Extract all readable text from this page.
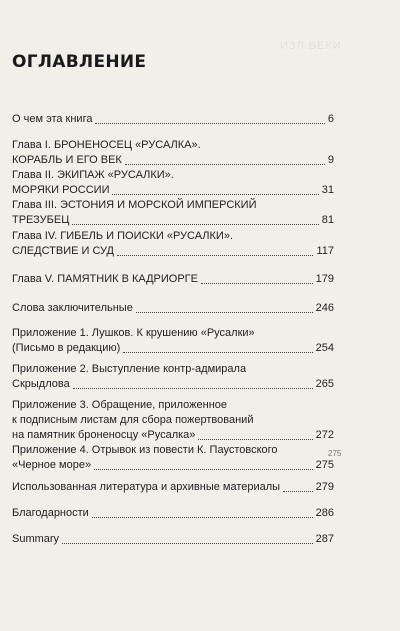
ИЗЛ ВЕКИ
ОГЛАВЛЕНИЕ
О чем эта книга	6
Глава I. БРОНЕНОСЕЦ «РУСАЛКА».
КОРАБЛЬ И ЕГО ВЕК	9
Глава II. ЭКИПАЖ «РУСАЛКИ».
МОРЯКИ РОССИИ	31
Глава III. ЭСТОНИЯ И МОРСКОЙ ИМПЕРСКИЙ
ТРЕЗУБЕЦ	81
Глава IV. ГИБЕЛЬ И ПОИСКИ «РУСАЛКИ».
СЛЕДСТВИЕ И СУД	117
Глава V. ПАМЯТНИК В КАДРИОРГЕ	179
Слова заключительные	246
Приложение 1. Лушков. К крушению «Русалки»
(Письмо в редакцию)	254
Приложение 2. Выступление контр-адмирала
Скрыдлова	265
Приложение 3. Обращение, приложенное
к подписным листам для сбора пожертвований
на памятник броненосцу «Русалка»	272
Приложение 4. Отрывок из повести К. Паустовского
«Черное море»	275
Использованная литература и архивные материалы	279
Благодарности	286
Summary	287
275
